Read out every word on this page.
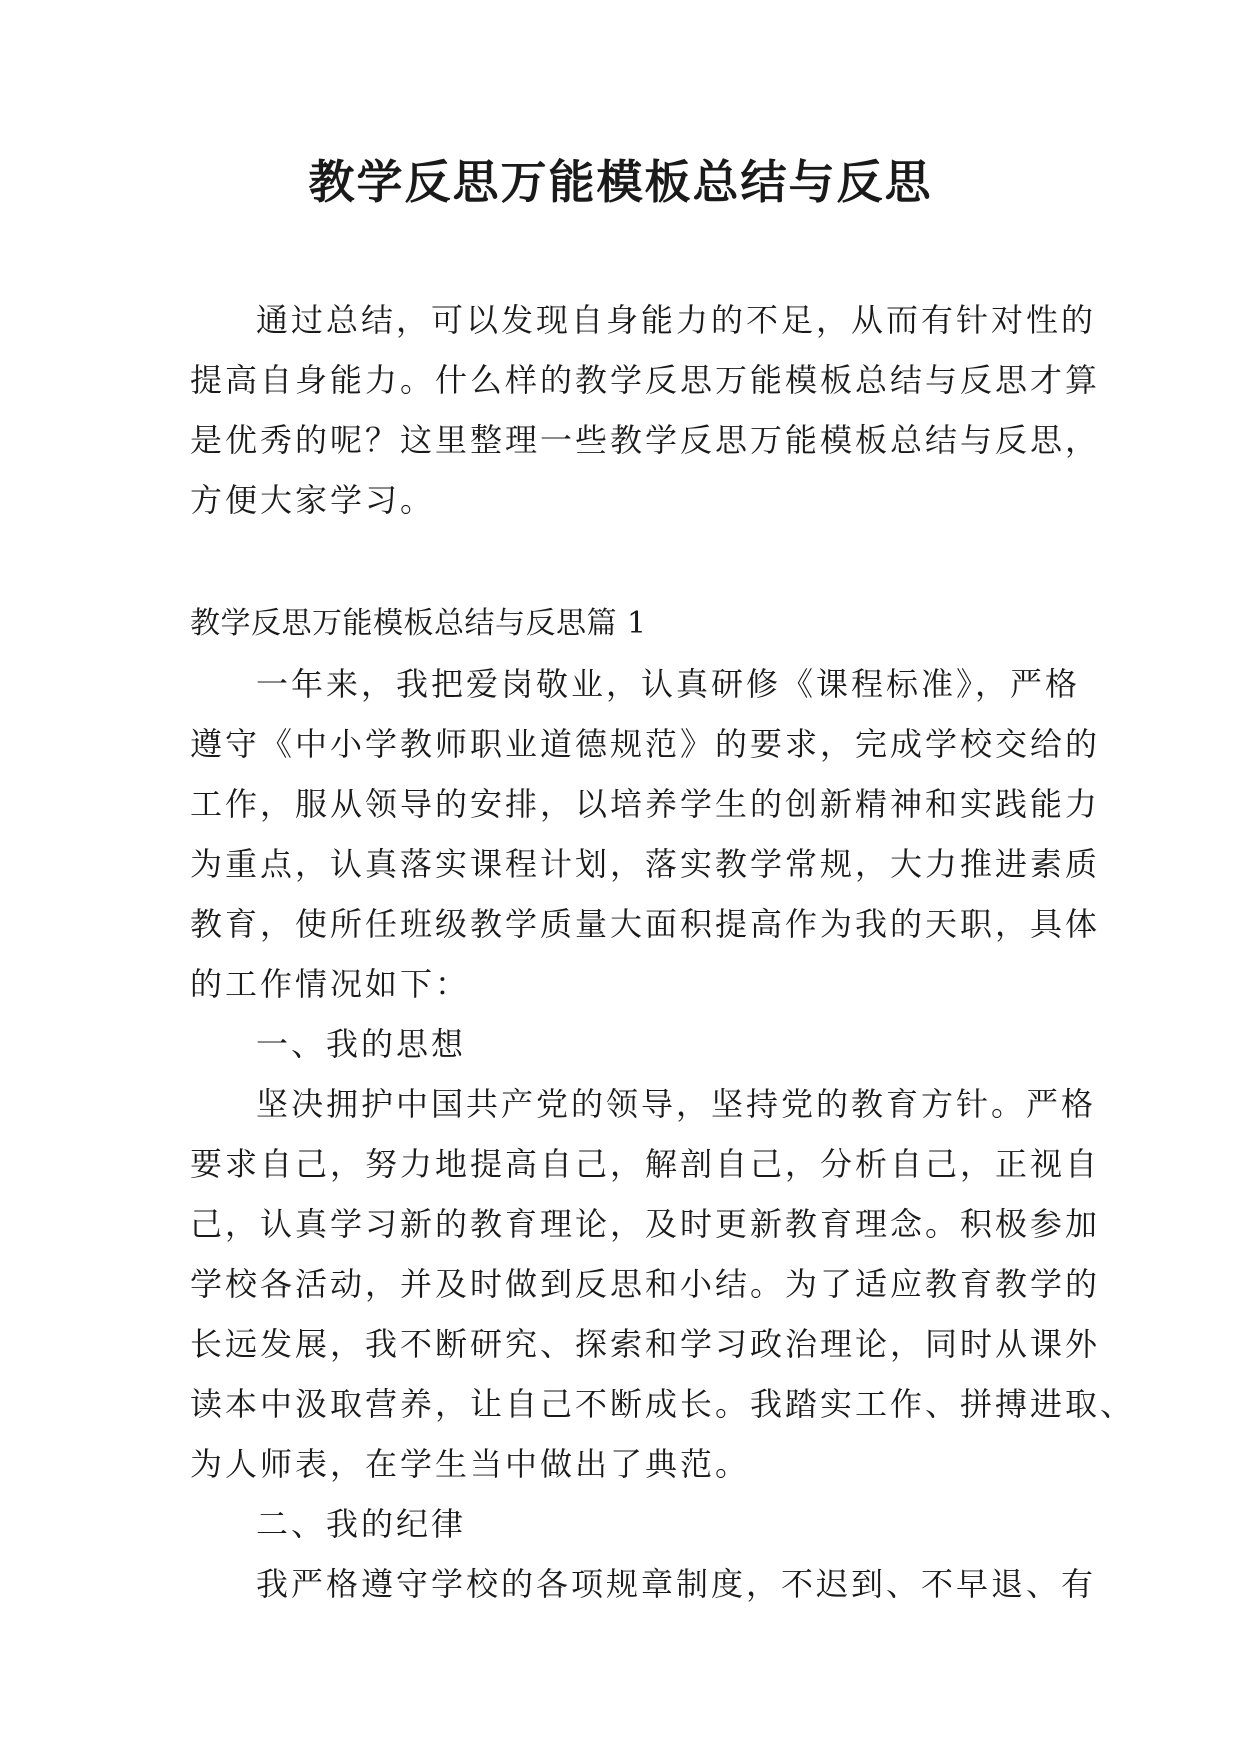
教学反思万能模板总结与反思
通过总结，可以发现自身能力的不足，从而有针对性的
提高自身能力。什么样的教学反思万能模板总结与反思才算
是优秀的呢？这里整理一些教学反思万能模板总结与反思，
方便大家学习。
教学反思万能模板总结与反思篇 1
一年来，我把爱岗敬业，认真研修《课程标准》，严格
遵守《中小学教师职业道德规范》的要求，完成学校交给的
工作，服从领导的安排，以培养学生的创新精神和实践能力
为重点，认真落实课程计划，落实教学常规，大力推进素质
教育，使所任班级教学质量大面积提高作为我的天职，具体
的工作情况如下：
一、我的思想
坚决拥护中国共产党的领导，坚持党的教育方针。严格
要求自己，努力地提高自己，解剖自己，分析自己，正视自
己，认真学习新的教育理论，及时更新教育理念。积极参加
学校各活动，并及时做到反思和小结。为了适应教育教学的
长远发展，我不断研究、探索和学习政治理论，同时从课外
读本中汲取营养，让自己不断成长。我踏实工作、拼搏进取、
为人师表，在学生当中做出了典范。
二、我的纪律
我严格遵守学校的各项规章制度，不迟到、不早退、有
